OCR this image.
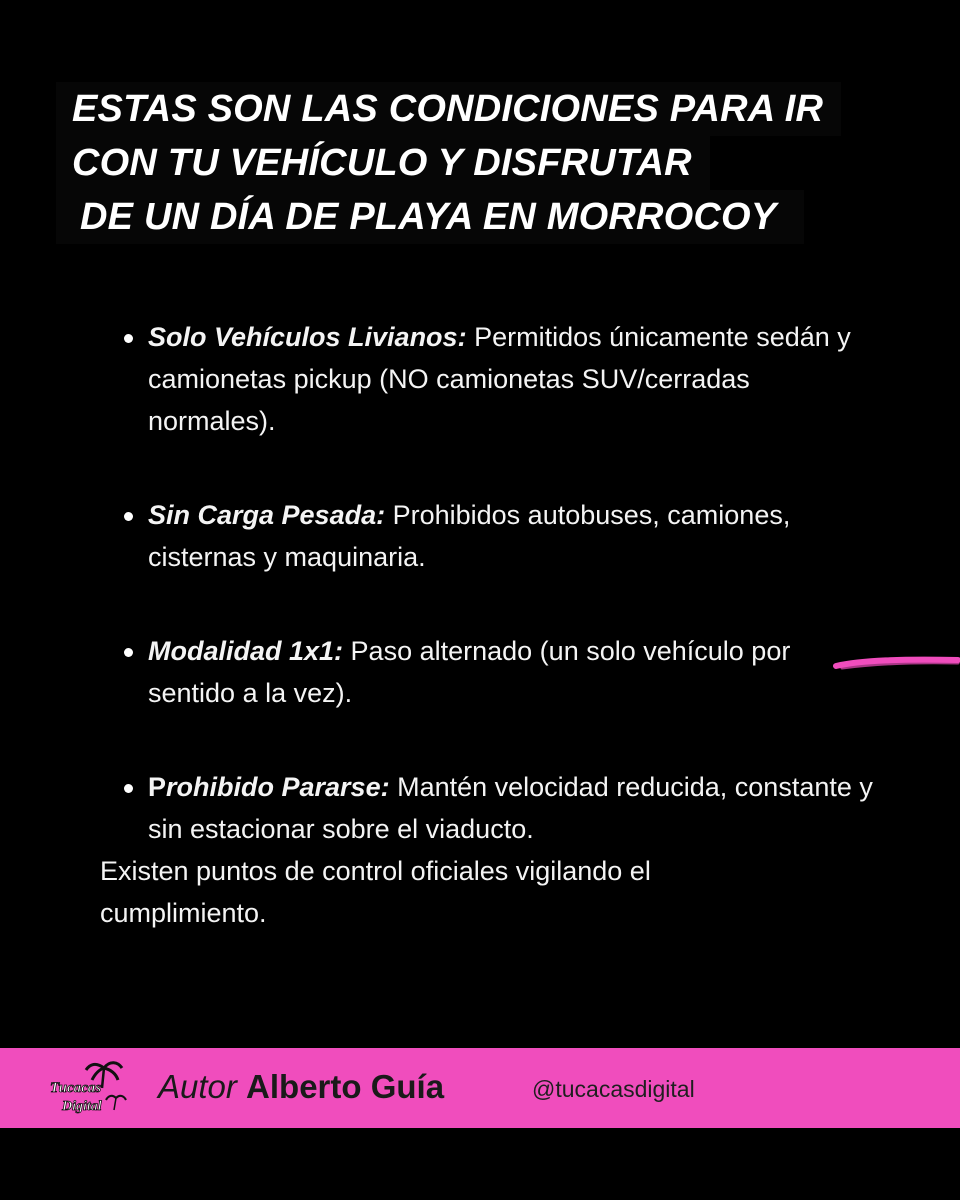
ESTAS SON LAS CONDICIONES PARA IR
CON TU VEHÍCULO Y DISFRUTAR
DE UN DÍA DE PLAYA EN MORROCOY
Solo Vehículos Livianos: Permitidos únicamente sedán y camionetas pickup (NO camionetas SUV/cerradas normales).
Sin Carga Pesada: Prohibidos autobuses, camiones, cisternas y maquinaria.
Modalidad 1x1: Paso alternado (un solo vehículo por sentido a la vez).
Prohibido Pararse: Mantén velocidad reducida, constante y sin estacionar sobre el viaducto.

Existen puntos de control oficiales vigilando el cumplimiento.

Tucacas
Digital
Autor Alberto Guía	@tucacasdigital
